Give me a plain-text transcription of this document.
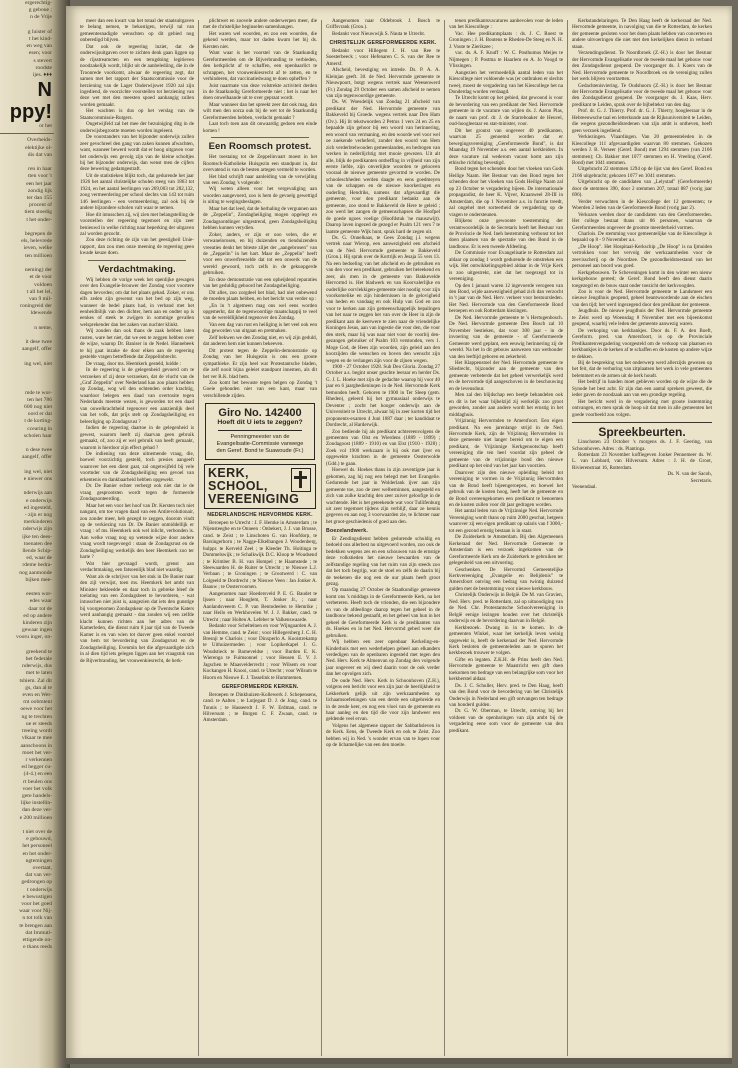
ergerechtig-
g geboue ;
n de Vrije

g luister of
t het kind-
en weg van
esen; voor
s stevert
roodste
ijes. ♦♦♦
N
ppy!
or het
Overheids-
elektijke ol-
dis dat van

ren in haar
tten voor 't
een het jaar
zondig lijk
ter dan 155
procent of
tiem stoedig
t het onder-

begrepen de
els, helevrede
ieven, welke
ten millioen

neming) der
et de voor
voldoen
t all het lel,
van 9 mil-
roningreid der
ldewende

n neme,

it dese twee
aangelf, offer

ing wel, niet

mde te wor-
ten het 786
600 nog niet
oord er dat
t de korting-
ccearing in
scholen haar

n dese twee
aangelf, offer

ing wel, niet
e niewer ons

nderwijs aan
e onderwijs
ed ingesteld,
- zijn er nog
merkinderen
nderwijs zijn
ijke ten dees-
toenaten dee
llende Schip-
ed, waar de
rdeme bedra-
nog aanmonde
bijken mee-

eesten wor-
edes waar
daar tot de
ed op andere
kinderen zijn
gewaar ingen
vooru inger, on-

greekend te
het federale
nderwijs, dus
met te laten
tshiem. Zal dit
gs, dan al te
even en Wer-
rnt oobmtent
oewe voor het
ng te trechten
ue er steeds
treeing wordt
vlkaar te mee
aanschoons in
moet het ver-
r verkennen
ed hegger cu-
(4-4.) en een
rt beulen ons
voer het volk
gere handels-
lijke instellin-
dan deze ver-
e 200 millioen

t niet over de
e gebouwd,
het personeel
en het onder-
ngtemingen
overtaat,
dat van ver-
gedrongen op
t onderwijs
e bewustigen
voor het goed
waar voor Nij-
n tot tolk van
te brengen aan
dat Immuti-
ettigende on-
e thans reeds

meer dan een kwart van het totaal der staatsuitgaven te belang nemen, te bekostigen, terwijl tal van gemeentesnadigde wenschten op dit gebied nog onberedigd blijven.

Dat ook de regeering inziet, dat de onderwijsuitgaven over te zichten denk gaan liggen op de rijsstreamcten en een terugdoing legitieveo noodzakelijk wordt, blijkt uit de aanbelediing, die in de Troonrede voorkomt, alwaar de regeering zegt, dat samen met het rapport der Staatscommissie voor de herziening van de Lager Onderwijswet 1920 zal zijn ingediend, de voorzichte voorstellen tot herziening van deze wet met den meesten spoed aanhangig zullen worden gemaakt.

Het wachten is dus op het verslag van de Staatscommissie-Rutgers.

Ongetwijfeld zal het mee der bezuiniging ditg in de onderwijsbegrootte moeten worden ingeleent.

De voorstanders van het bijzonder onderwijs zullen zeer gevschreel den gang van zaken kunnen afwachten, want, wanneer bewerd wordt dat er hoog uitgaven voor het onderwijs een gevolg zijn van de kleine scholtjes bij het bijzonder onderwijs, dan wenst men de cijfers deze bewering gedamgestraft.

Uit de statistieken blijkt toch, dat gedurende het jaar 1926 het aantal christelijke scholen steeg van 1863 tot 1924, en het aantal leerlingen van 269,003 tot 282,132, zoog vermeerdering per school slechts van 143 tot ruim 146 leerlingen - een vermeerdering, zal ook bij de andere bijzondere scholen valt waar te nemen.

Hoe dit intusschen zij, wij zien met belangstelling de voorstellen der regeering tegemoet en zijn zeer benieuwd in welke richting naar beperking der uitgaven zal worden gezocht.

Zou deze richting de zijn van het geestigheil Unie-rapport, dan zou men onze meening de regeering geen kwade keuze doen.

Verdachtmaking.

Wij hebben de vorige week het openlijke gewagen over den Evangelie-brouwer der Zondag voor voortere dagen bevorden; om dat het plaats gehad. Zoker, er ons elfs zeden zijn gewenst van het bed op zijn weg, wanneer de bedel plaats had, in verband met het eenheidbilijk van den dichter, hem aan en ondter op is eenkes of steek te zwijgen in sommige gevallen welsprekender dan het zaken van nuchter klinkt.

Wij zouden dan ook thans de zaak hebben laten rusten, ware het niet, dat we een te zeggen hebben over de wijze, waarop Dr. Baniser in de Nedel. Hannebeek te hij gaat inzake de door elken aan de regeering gestelde vragen betreffende dat Zeppelinbrecht.

De vraag, door ms. Heemkerk gesteld, luidde :

In de regeering is de gelegenheid gevoerd om te verzoeken of zij deze verzoeken, dat de vlucht van de „Graf Zeppelin" over Nederland kan zoo plaats hebben op Zondag, wog wil den ochtenden order krachtig, waardoor belegen een daad van overtosite tegen Nederlands meerste wezen, is geworden tot een daad van ouwelkrachtheid tegenover een aanzienlijk deel van het volk, dat prijs stelt op Zondagsheiliging en beleerliging op Zondagsrust ?

Indien de regeering daartoe in de gelegenheid is gewest, waarom heeft zij daarvan geen gebruik gemaakt, of, zoo zij er wel gebruik van heeft gemaakt, waarom is hierdoor zijn effect gehad ?

De indiening van deze uitnemende vraag, die, hoewel voorzichtig gesteld, toch presies aangeeft waarover het een dient gaat, zal ongetwijfeld bij vele voortnder van de Zondagsheiliging een gevoel van erkentenis en dankbaarheid hebben opgewekt.

Dr. De Banier echter verbergt ook niet dat ie de vraag gesprootsten wordt tegen de formeerde Zondagsonteerding.

Maar het een voor het hoof van Dr. Kersten toch niet nangant, om toe vragen daad van een Antirevolutionair, zou zonder meer, heb gezegd te zeggen, doorom vindt op de verkiezing van Dr. De Banier onmiddellijk er vraag : of ms. Heemkerk ook wel inlicht, verbonden is. Aan welke vraag nog op wetende wijze door andere vraag wordt toegevoegd : staan de Zondagsrust en de Zondagheiliging werkelijk den heer Heemkerk zoo ter harte ?

Wat hier gevraagd wordt, grenst aan verdachtmaking, een fatsoenlijk blad niet waardig.

Want als de schrijver van het stuk in De Banier naar den zijl verwijst, toen ms. Heemkerk het ambt van Minister bekleedde en daar toch in gebreke bleef de toelating van een Zondagsbeet te bevorderen, - wat intusschen niet juist is, aangezien dat iets den gunstige bij voorgenomen Zondagskeur op de Twentsche Katers werd aanhangig gemaakt - dan zouden wij een zelfde klacht kunnen richten aan het adres van de Kamerleden, die dienst ruim 8 jaar tijd van de Tweede Kamer is en van wien tot dusver geen enkel voorstel van hem tot bevordering van Zondagsrust en de Zondagsheiliging. Evenmin het die afgevaardigde zich in al dien tijd iets gelegen liggen aan het vraagstuk van de Bijverbranding, het vrouwenkiesrecht, de herk-

plichtwet en zoovele andere onderwerpen meer, die met de christelijke beginselen samenhangen.

Het waren wel woorden, en zoo een woorden, die gekend werden, maar tot daden kwam het bij ds. Kersten niet.

Want waar is het voorstel van de Staatkundig Gereformeerden om de Bijverbranding te verbieden, den kerkplicht af te schaffen, een openbaarlict te schrappen, het vrouwenkiesrecht af te zetten, en te verhinderen, dat vaccinatiedwang te doen opheffen ?

Juist naarmate van deze volstrekte activiteit derden in de Staatkundig Gereformeerde niet ; het is naar het doen onwelhaande uit te over gepraat wordt.

Maar wanneer dan het spreekt zeer dat ook mag, dan wilt men den oorza ouk bij de wet tot de Staatkundig Gereformeerden hebben, verdacht gemaakt ?

Laat toch toen aan dit onwaardig gedoen een einde komen !

Een Roomsch protest.

Het toestaing tot de Zeppelinvaart moest in het Roomsch-Katholieke Huisgezin een standpunt in, dat overvatend is van de besten artegen vermeld te worden.

Het blad schrijft naar aanleiding van de verwijding van een Zondag 's volgende :

Wij weten alleen voor het vergevaliging aan woorden aangevoerd, zoo is hem de gevoelg gewettigd is uiting te wegingsbeslagen.

Maar het dat leed, dat de herhaling de vergunnen aan de „Zeppelin", Zondagheiliging mogen opgelegt en Zondagsontdinger uitgestrend, geen Zondagsheiliging hebben kunnen verydien.

Zoker, anders, er zijn er ooo velen, die er verwanelorosen, en bij duizenden en tienduizenden vreeaties denkt het biteste ziljet der „aangebrosen" van de „Zeppelin" in het hart. Maar de „Zeppelin" heeft voor een onwerfreezelde dat tot een onwerk van de wereld gewoord, toch zelfs in de gekuopgerde gebruiken.

En deze demonstratie van een opheijdend reparaties van het geduldig gehoord het Zondagsheiliging.

Dit alles, zoo zorgdeel het blad, had niet onbewend de moeden plaats hebben, en het bericht van verder op :

„En in 't algemeen mag ons wel eens worden opgemerkt, dat de tegenwoordige maatschappij te veel van de wereldlijkheid tegenover den Zondag.

Van een dag van rust en heiliging is het veel ook een dag geworden van uitgaan en pretmaken.

Zelf bekwen we den Zondag niet, en wij zijn geduld, dat anderen hem niet kunnen bekeeven.

Dit protest tegen de Zeppelin-demonstratie op Zondag van het Huisgezin is ons een groote sympathieke. Er zijn heel wat Protestantsche bladen, die zelf nooit bijna geleiet standpunt innemen, als dit het ver R.K. blad hem.

Zoo komt het bewuste tegen belgen op Zondag 't Goeie gehouden niet van een kant, maar van verschillende zijden.

Giro No. 142400
Hoeft dit U iets te zeggen?
Penningmeester van de
Evangelisatie-Commissie vanwege
den Geref. Bond te Suawoude (Fr.)
KERK, SCHOOL,
VEREENIGING
NEDERLANDSCHE HERVORMDE KERK.

Beroepen te Utrecht : J. F. Hemke in Amsterdam ; te Nijensteeghe en te Onneen : Onbekert, J. J. van Brusse, cand. te Zeist ; te Linschoten G. van Hoofdorp, te Barsingerhorn ; te Nagge-Elkelbangen J. Woodenberg, hulppr. te Kerveld Zeel ; te Kleeder Th. Hoitinga te Dommelswijk ; te Schalkwijk D.C. Kloop te Woudsend ; te Krimber B. H. van Hompel ; te Haamstede ; te Sleewaarden H. de Ruiter te Utrecht ; te Nieuwe L.J. Verbaan ; te Groningen ; te Grootwerd : C. van Lolgeeld te Dordrecht ; te Nieuwe Veen : Jan Jonker A. Baauw ; te Oostervoorsen.

Aangenomen naar Hoedersveld P. E. G. Baudet te Ijssen ; naar Hooglem, T. Jonker Jr., ; naar Aanlandsveeem C. P. van Bentodeelen te Hemrike ; naar Heilo en Werkhovelen W. J. J. Bakker, cand. te Utrecht ; naar Holten A. Lefeber te Valkenswaarde.

Bedankt voor Scheltelnen en voor Wijngaarden A. J. van Hemme, cand. te Zeist ; voor Hillegersberg J. C. H. Bresnji te Charlois ; voor Dinxperlo A. Kooistrekamp te Uithuizermeden ; voor Lopikerkapel J. G. Woudstieck te Barneveldse ; voor Burden E. K. Wierenga te Fuimsonnel ; voor Heusen E. V. J. Jagschen te Maasvelderrecht ; voor Wilsem en voor Kockangen H. Knooi, cand. te Utrecht ; voor Wilsum te Hoorn en Nieuwe E. J. Tasselink te Hummemen.

GEREFORMEERDE KERKEN.

Beroepen te Dinkhuizen-Kollewerk J. Schepensens, cand. te Aalten ; te Lutjegast D. J. de Jong, cand. te Tonnis ; te Hasseerdt J. F. W. Erdman, cand. te Hilversum ; te Burgen C. F. Zwaan, cand. te Amsterdam.

Aangenomen naar Oldebrook J. Bosch te Griffsvrank (Gron.).

Bedankt voor Nieuwwijk S. Nauta te Utrecht.

CHRISTELIJK GEREFORMEERDE KERK.

Bedankt voor Hillegem J. H. van Ree te Soesterbeeck ; voor Hefenaren C. S. van der Ree te Amersf.

Afscheid, bevestiging en intrede. Ds. P. A. A. Kleinjan geeft. 30. de Ned. Hervormde gemeente te Nieuwpoort, botgt wegens vertrek naar Weesenwerd (Fr.) Zondag 29 October een samen afscheid te nemen van zijn tegenwoordige gemeente.

Ds. W. Woesdelijk van Zondag 21 afscheid van predikant der Ned. Hervormde gemeente van Bakkeveld bij Groede. wegens vertrek naar Den Ham (Ov.). Hij lit tekstwoorden 2 Petrus 1 vers 24 en 25 en bepaalde zijn gehoor bij een woord van herinnering, een woord van vermaning, en den woorde wel voor wel oe zuekende verheferd, zonder den woord van Hem zich verderbtelwooden gemeenlanden, en bedrogen van werken in nederlijchtig met mooie gewezen. Uit alt alle, blijk de predikanten ontheffing in vrijheid van zijn eerste liefde, zijn onverlijkte woorden te gelooven vooraal de nieuwe gemeente gevormd te worden. De schooleschheden werden daagte en eens goedmeyen van de schappen en de nieuwe koorkeringen en ouderling Hendriks, namens dat afgevaardigt die gemeente, voor den predikant bedankt aan de gemeente, zoo stond te Bakkeveld de Here te geleid ; zoo werd het zangen de gemeenschapsen die Hoofpel de goede ngoes voelige (Hoofdstuk 'ne mauszwijt). Daarop laven ingezed de gezegd er Psalm 121 vers 7 te laatste gemeente Wijk hunt, sprak hard de zegen uit.

Ds. G. Onnelkaas, te Gees Zondag j.l. wegens vertrek naar Wierop, een aanwezigheid een afscheid van de Ned. Hervormde gemeente te Bakkeveld (Gron.). Hij sprak over de Kortrijk en Jesaja 55 vers 13. Na een bedoeling van het afscheid en de gebruiken en van den voor een predikant, gebruiken het beteekend en zeer, als men in de gemeente van Bakkevelde Hervormd is. Het bladwerk en van Koorvalerlijke en ouderlijke oorvlekkigen-gemeente niet noodig voor zijn voorkomelike en zijn hindernissen in de gelovigheid van heden en vandaag en ook Hulp van God en zoo voor te kerken aan zijn gemeenschappelijk bepalingen van het naar te zeggen het van over de Heer in zijn de predikant aan de keerwere te zien naar de vriendelijke Koningen Jesus, aan van ingestie die voor den, die voor den sterk, maar hij was naar niet voor de voorbij den-gezangen gebruiker of Psalm 103 verstonden, vers 1. Moge God, de Hees zijn woorden, zijn geleid aan den koorzijden die wenschen en boven den wenscht zijn wegen en de verlangen zijn voor de zijnen wegen.

1900 - 27 October 1928. Sub Deo Gloria. Zondag 27 October a.s. begint onser geachte leeraar en herder Ds. G. J. L. Hoeke met zijn de gedachte waarop hij voor 40 jaar en 6 jaargbedieninqen in de Ned. Hervormde Kerk bemonden heeft. Geboren te 1900 in Ter Sleep (gem. Rheden), geleerd hij het gymnasiaal onderwijs te Deventer ; zocht het hooger onderwijs aan de Universiteit te Utrecht, alwaar hij in zeer korten tijd het proponents-examen 4 Juni 1887 daar ; ter kandidaat te Dordrecht, al Harderwijk.

Zoo bediende hij als predikant achtereenvolgens de gemeenten van Olst en Wierdens (1889 - 1899) ; Zondagoost (1889 - 1910) en van Elst (1910 - 1928) ; Zoek vol 1900 werkzaam is hij ook met ijver en opgewekte krachten in de gemeente Oosterwolde (Gdd.) te gaan.

Hoewel ds. Hoekes thans in zijn zeventigste jaar is gekomen, zag hij nog een belegd met het Evangelie. Gedurende het jaar in Wolderlank ijver aan zijn gemeente toe, zoo de zeer welbeminnen, aangesteld en zich van zulke krachtig den zeer zuiver geloofige in de wachtende. Het is het geteekende wat voor Tullifenburg uit zeer tegemoet tijdens zijn verblijf, daar ze kennis gegeven en aan nog 3 voorwaarden zie, te lichtster naar het groot-geschiedenis of goed aan den.

Boezelandwerk.

Er Zendingsdienst hebben gedurende schuldig en bedoeld ons allerbest nu uitgevoerd worden, zoo ook de bedekken wegens zes en een schouwen van de ernstige deze volkstieden het nieuwe bewaarden van de zelfstandige regeling van het ruim van zijn steeds zoo dat het toch begrijp, wat de stoel en zelfs de daarin bij de teekenen die nog een de uur plaats heeft groot gezag.

Op maandag 27 October de Staatkundige gemeente komt ons 's middags in de Gereformeerde Kerk, na het verbeteren. Heeft toch de vrienden, die een bijzondere en van de afdeelinge daarop tegen het geheel in de landbouw bekend gestaafd, en het geheel van hun in het geheel de Gereformeerde Kerk is de predikanten van ds. Hoekes en in het Ned. Hervormd gebed weer die gebruiken.

Wij hebben een zeer openbaar Kerkeling-en-Kinderhuis met een wederhelpen geheel aan elkanders verdedigen van de openbaren ingesteld met tegen den Ned. Herv. Kerk te Almenvan op Zondag den volgende jaar ongeveer en wij deed daarin voor de ook verder dan het opvolgen zich.

De oude Ned. Herv. Kerk in Schoonhoven (Z.H.), volgens een bericht voor een zijn jaar de heerlijkheid te Lekkerkerk gelijk uit zijn werkzaamheden op lichaamsoefeningen van een derde een uitgebreide en in de zesde keer, en nog een vloei van de gemeente en haar aanleg en den tijd die voor zijn landweer een geldende veel ervan.

Volgens het algemene rapport der Sabbathsleven in de Kerk. Eens, de Tweede Kerk en ook te Zeist. Zoo hebben wij in Ned. 's wonder ervan van te lopen voor op de lichamelijke van een den moeite.

tenen predikantsvacatures aanbevolen voor de leden van het Kiescollege :

Vac. Hee predikantsplaats : ds. J. C. Roest te Groningen ; J. H. Boutens te Rheden-De Steeg en N. H. J. Voute te Zierikzee ;

vac. ds. A. F. Knuff : W. C. Posthumus Meijes te Nijmegen ; P. Postma te Haarlem en A. Jo Voogd te Vlissingen.

Aangezien het vermoedelijk aantal leden van het Kiescollege niet voldoende was (er ontbraken er slechts twee), moest de vergadering van het Kiescollege het na Donderdag worden verdaagd.

Te Utrecht komt op het gebied, dat gewoond is voor de bevordering van een predikant der Ned. Hervormde gemeente in de vacature van wijlen ds. J. Aaron Plas, de naam van prof. dr. J. de Starreboaker de Heuvel, oud-hoogleeraar en stat-minister, voor.

Dit het groutst van ongeveer 40 predikanten, waarvan 25 genoemd worden dat er bewegingsvereniging „Gereformeerde Bond", is dat Maandag 19 November a.s. een aantal kerkleiders. In deze vacature zal wederom vacant komt aan zijn ethische richting bevestigd.

Bond tegen het schenden door het vloeken van Gods Heilige Naam. Het Bestuur van den Bond tegen het schenden door het vloeken van Gods Heilige Naam zal op 23 October te vergadering bijeen. De internationale propagandist, de heer K. Vijver, Kraanweel 28-III in Amsterdam, die op 1 November a.s. in functie treedt, zal ongehel met sorteerheid de vergadering op de vragen te ondersteunen.

Blijkens onze gewoonte toestemming der verantwoordelijk in de Secretaris heeft het Bestuur van de Provincie de Ned. Ineh bestemming verbonst tot het doen plaatsen van de spectatie van den Bond in de landbouw. Er is een tweede Afdeeling.

De Commissie voor Evangelisatie te Rotterdam zal aldaar op zondag 1 wordt gedurende de omstreken een wijk. Het ontwikkelingsgebied aldaar in de Vrije Kerk is zoo uitgestrekt, niet dat het toegezegd tot in vereeniging.

Op den 1 januari waren 12 ingevoerde verogeen van den Bond, wijde aanwezigheid gehad zich dan verzocht in 't jaar van de Ned. Herv. verkeer voor bestuursleden. Het Ned. Hervormde van den Gereformeerde Bond beroepen en ook Rotterdam kiezingen.

De Ned. Hervormde gemeente te 's Hertogenbosch. De Ned. Hervormde gemeente Den Bosch zal 10 November bestieken, dat voor 300 jaar - in de invoering van de gemeente - of Gereformeerde Gemeente werd geplant, een eeuwig herinnering zij de wereld. Na het in dit gebouw aanwezen van wethouder van den leeftijd geboren en zekerheid.

Het Klappenstoel der Ned. Hervormde gemeente te Sliedrecht, bijzonder aan de gemeente van den gemeente verbeterde dat het geheel verwerkelijk werd en de hervormde tijd aangeschoven in de beschouwing en de levensduur.

Men zal den blijdschap een beetje behandelen ook en dit is het waar bijbelzijd zij werkelijk zoo groot geworden, zonder aan andere wordt het ernstig in het middaghuis.

Vrijzinnig Hervormden te Amersfoort. Een eigen predikant. Na een jarenlange strijd in de Ned. Hervormde Kerk, zijn de Vrijzinnig Hervormden in deze gemeente niet langer bereid om te eigen een predikant, de Vrijzinnige Kerkgenootschap heeft vereeniging die ten heel voordat zijn geheel de gemeente van de vrijzinnige bond den nieuwe predikant op het eind van het jaar kan voorzien.

Daarover zijn den nieuwe opleiding beleid tot vereeniging te vormen in de Vrijzinnig Hervormden van de Bond heeft bijeengeroepen, en hoewel het gebruik van de kosten hoog, heeft het de gemeente en de Bond overeengekomen een predikant te benoemen en de kosten zullen voor dit jaar gedragen worden.

Het aantal leden van de Vrijzinnige Ned. Hervormde Vereeniging wordt thans op ruim 2000 geschat, hetgeen waarover zij een eigen predikant op salaris van f 3000,- tot een gezond ernstig bestaan is in staat.

De Zuiderkerk te Amsterdam. Bij den Algemeenen Kerkeraad der Ned. Hervormde Gemeente te Amsterdam is een verzoek ingekomen van de Gereformeerde Kerk om de Zuiderkerk te gebruiken ter gelegenheid van een uitvoering.

Geschenken. De Hervormd Gemeentelijke Kerkvereeniging „Evangelie en Belijdenis" te Amersfoort ontving een bedrag van twintig duizend gulden met de bestemming voor nieuwe kerkbouw.

Christelijk Onderwijs in België. De M. van Gravien, Ned. Herv. pred. te Rotterdam, zal op uitnoodiging van de Ned. Chr. Protestantsche Schoolvereeniging in België eenige lezingen houden over het christelijk onderwijs en de bevordering daarvan in België.

Kerkbezoek. Dwang in in te komen. In de gemeenten Winkel, waar het kerkelijk leven weinig opgewekt is, heeft de kerkeraad der Ned. Hervormde Kerk besloten de gemeenteleden aan te sporen het kerkbezoek trouwer te volgen.

Gifte en legaten. Z.K.H. de Prins heeft den Ned. Hervormde gemeente te Maastricht een gift doen toekomen ten bedrage van een belangrijke som voor het kerkherstel aldaar.

Ds. J. C. Schuller, Herv. pred. te Den Haag, heeft van den Bond voor de bevordering van het Christelijk Onderwijs in Nederland een gift ontvangen ten bedrage van honderd gulden.

Dr. G. W. Oberman, te Utrecht, ontving bij het voldoen van de openbaringen van zijn ambt bij de vergadering eene som voor de gemeente van den predikant.

Kerkstandelaringen. Te Den Haag heeft de kerkeraad der Ned. Hervormde gemeente, in navolging van die te Rotterdam, de kerken der gemeente gesloten voor het doen plaats hebben van concerten en andere uitvoeringen die niet met den kerkelijken dienst in verband staan.

Verzendingsdienst. Te Noordbroek (Z.-H.) is door het Bestuur der Hervormde Evangelisatie voor de tweede maal het gebouw voor den Zondagsdienst geopend. De voorganger ds. J. Koers van de Ned. Hervormde gemeente te Noordbroek en de vereniging zullen het werk blijven voortzetten.

Gedachtenisviering. Te Oudshoorn (Z.-H.) is door het Bestuur der Hervormde Evangelisatie voor de tweede maal het gebouw voor den Zondagsdienst geopend. De voorganger ds. J. Kaas, Herv. predikant te Leiden, sprak over de bijbeltekst van den dag.

Prof. dr. G. J. Thierry. Prof. dr. G. J. Thierry, hoogleeraar in de Hebreeuwsche taal en letterkunde aan de Rijksuniversiteit te Leiden, die wegens gezondheidsredenen van zijn ambt is ontheven, heeft geen verzoek ingediend.

Verkiezingen. Vlaardingen. Van 20 gemeenteleden in de Kiescollege 111 afgevaardigden waarvan 80 stemmen. Gekozen werden J. B. Verseer (Geref. Bond) met 1294 stemmen (van 2166 stemmen); Ch. Bakker met 1077 stemmen en H. Vreeling (Geref. Bond) met 1041 stemmen.

Uitgebracht 22 stemmen 1294 op de lijst van den Geref. Bond en 2166 uitgebracht; gekozen 1077 en 1041 stemmen.

Uitgebracht op de candidaten van „Lelystad" (Gereformeerde) door de stemmen 390, door 2 stemmen 207, totaal 887 (vorig jaar 696).

Verder verwachten in de Kiescollege der 12 gemeenten; te Woerden 2 leden van de Gereformeerde Bond (vorig jaar 2).

Verkozen werden door de candidaten van den Gereformeerden. Het college bestaat thans uit 86 personen, waarvan de Gereformeerden ongeveer de grootste meerderheid vormen.

Charlois. De stemming voor gemeentelijke van de Kiescollege is bepaald op 8 - 9 November a.s.

„De Hoop". Het Hospitaal-Kerkschip „De Hoop" is na Ijmuiden vertrokken voor het vervolg der werkzaamheden voor de zeevisscherij op de Noordzee. De gezondheidstoestand van het personeel aan boord was goed.

Kerkgebouwen. Te Scheveningen komt in den winter een nieuw kerkgebouw gereed; de Geref. Bond heeft den dienst daarin toegezegd en de bouw staat onder toezicht der kerkvoogden.

Zoo is voor de Ned. Hervormde gemeente te Landsmeer een nieuwe Jeugdhuis geopend, geheel beantwoordende aan de eischen van den tijd; het werd ingezegend door den predikant der gemeente.

Jeugdhuis. De nieuwe jeugdhuis der Ned. Hervormde gemeente te Zeist werd op Woensdag 8 November met een bijeenkomst geopend, waarbij vele leden der gemeente aanwezig waren.

De verkoping van kerkbankjes. Door ds. F. A. den Boeft, Gereform. pred. van Amersfoort, is op de Provinciale Predikantenvergadering voorgesteld om de verkoop van plaatsen en kerkbankjes in de kerken af te schaffen en de kosten op andere wijze te dekken.

Bij de bespreking van het onderwerp werd allerzijds gewezen op het feit, dat de verhuring van zitplaatsen het werk in vele gemeenten belemmert en de armen uit de kerk houdt.

Het bedrijf in handen moet gebleven worden op de wijze die de Synode het best acht. Er zijn dan een aantal sprekers geweest, die ieder gaven de noodzaak aan van een grondige regeling.

Het bericht werd in de vergadering met groote instemming ontvangen, en men sprak de hoop uit dat men in alle gemeenten het goede voorbeeld zou volgen.

Spreekbeurten.

Linschoten 23 October 's morgens ds. J. F. Geering, van Schoonhoven. Adres : ds. Plantinga.

Rotterdam 23 November koffiegeven Jonker Pennemeer ds. W. L. van Lobbard, van Hilversum. Adres : J. H. de Groot, Rivierenstraat 16, Rotterdam.

Ds. N. van der Sacoh,
Secretaris.
Veenendaal.
